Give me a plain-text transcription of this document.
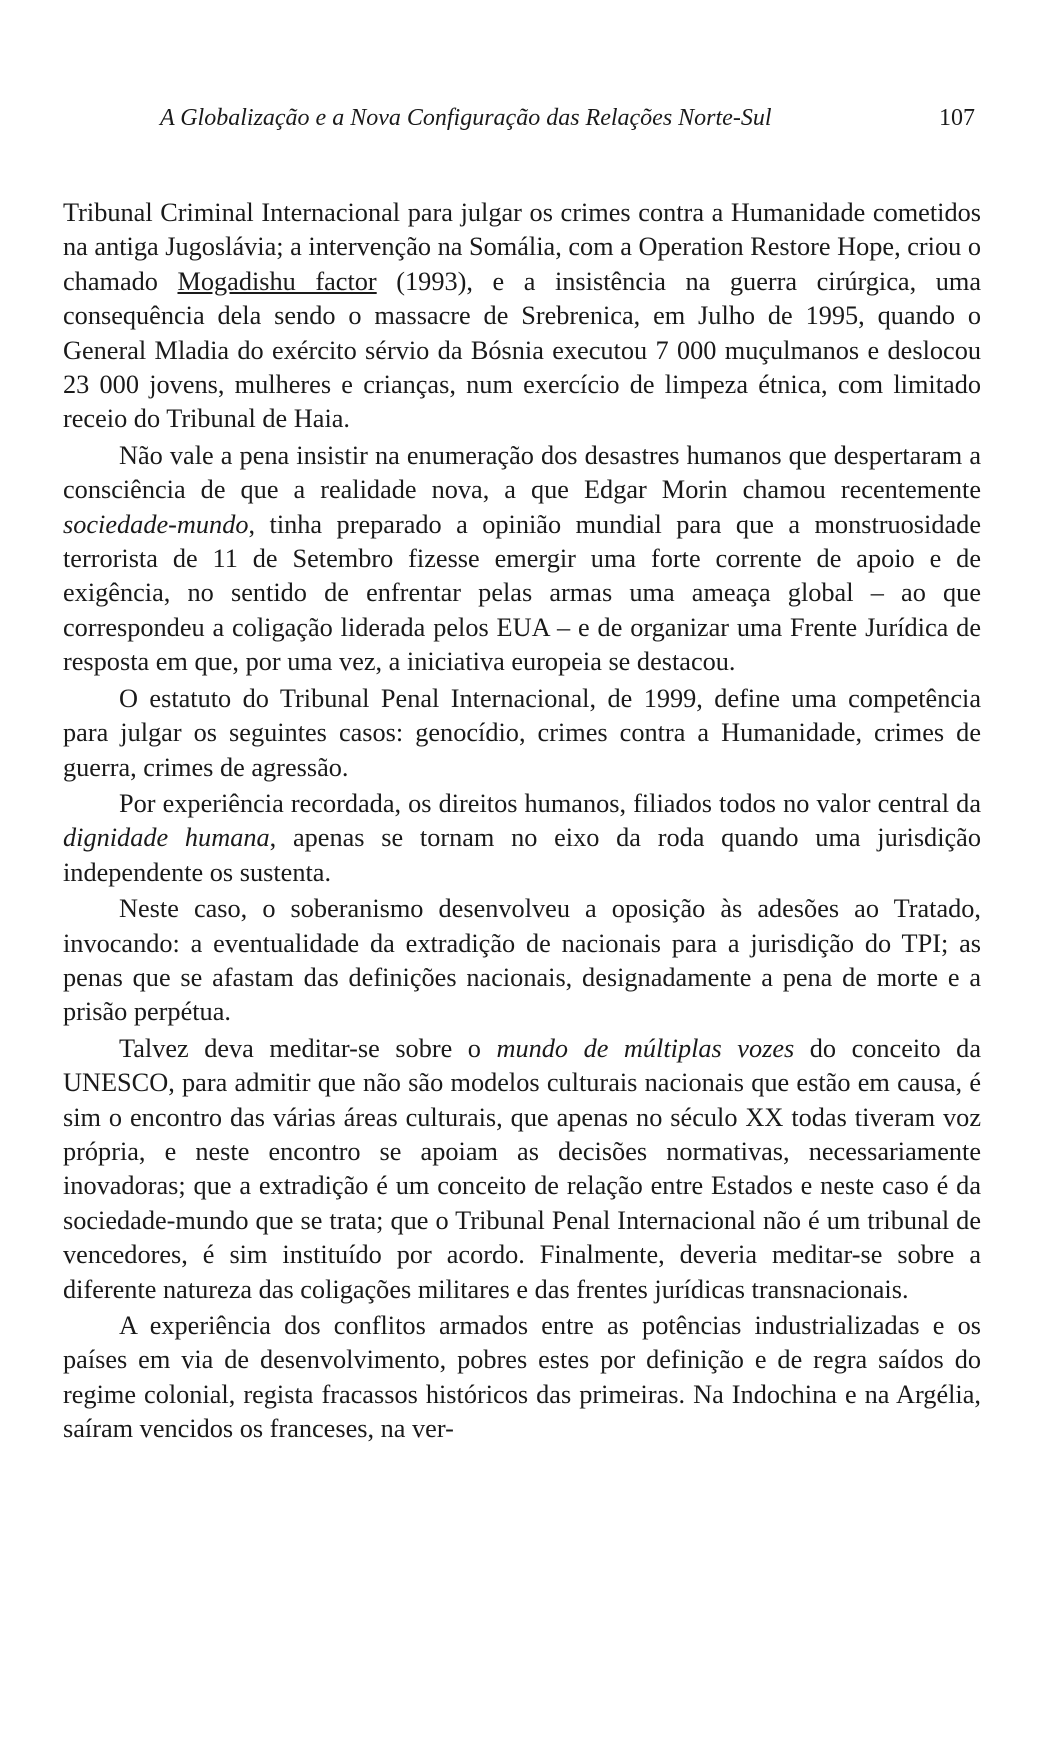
A Globalização e a Nova Configuração das Relações Norte-Sul	107

Tribunal Criminal Internacional para julgar os crimes contra a Humanidade cometidos na antiga Jugoslávia; a intervenção na Somália, com a Operation Restore Hope, criou o chamado Mogadishu factor (1993), e a insistência na guerra cirúrgica, uma consequência dela sendo o massacre de Srebrenica, em Julho de 1995, quando o General Mladia do exército sérvio da Bósnia executou 7 000 muçulmanos e deslocou 23 000 jovens, mulheres e crianças, num exercício de limpeza étnica, com limitado receio do Tribunal de Haia.

Não vale a pena insistir na enumeração dos desastres humanos que despertaram a consciência de que a realidade nova, a que Edgar Morin chamou recentemente sociedade-mundo, tinha preparado a opinião mundial para que a monstruosidade terrorista de 11 de Setembro fizesse emergir uma forte corrente de apoio e de exigência, no sentido de enfrentar pelas armas uma ameaça global – ao que correspondeu a coligação liderada pelos EUA – e de organizar uma Frente Jurídica de resposta em que, por uma vez, a iniciativa europeia se destacou.

O estatuto do Tribunal Penal Internacional, de 1999, define uma competência para julgar os seguintes casos: genocídio, crimes contra a Humanidade, crimes de guerra, crimes de agressão.

Por experiência recordada, os direitos humanos, filiados todos no valor central da dignidade humana, apenas se tornam no eixo da roda quando uma jurisdição independente os sustenta.

Neste caso, o soberanismo desenvolveu a oposição às adesões ao Tratado, invocando: a eventualidade da extradição de nacionais para a jurisdição do TPI; as penas que se afastam das definições nacionais, designadamente a pena de morte e a prisão perpétua.

Talvez deva meditar-se sobre o mundo de múltiplas vozes do conceito da UNESCO, para admitir que não são modelos culturais nacionais que estão em causa, é sim o encontro das várias áreas culturais, que apenas no século XX todas tiveram voz própria, e neste encontro se apoiam as decisões normativas, necessariamente inovadoras; que a extradição é um conceito de relação entre Estados e neste caso é da sociedade-mundo que se trata; que o Tribunal Penal Internacional não é um tribunal de vencedores, é sim instituído por acordo. Finalmente, deveria meditar-se sobre a diferente natureza das coligações militares e das frentes jurídicas transnacionais.

A experiência dos conflitos armados entre as potências industrializadas e os países em via de desenvolvimento, pobres estes por definição e de regra saídos do regime colonial, regista fracassos históricos das primeiras. Na Indochina e na Argélia, saíram vencidos os franceses, na ver-
